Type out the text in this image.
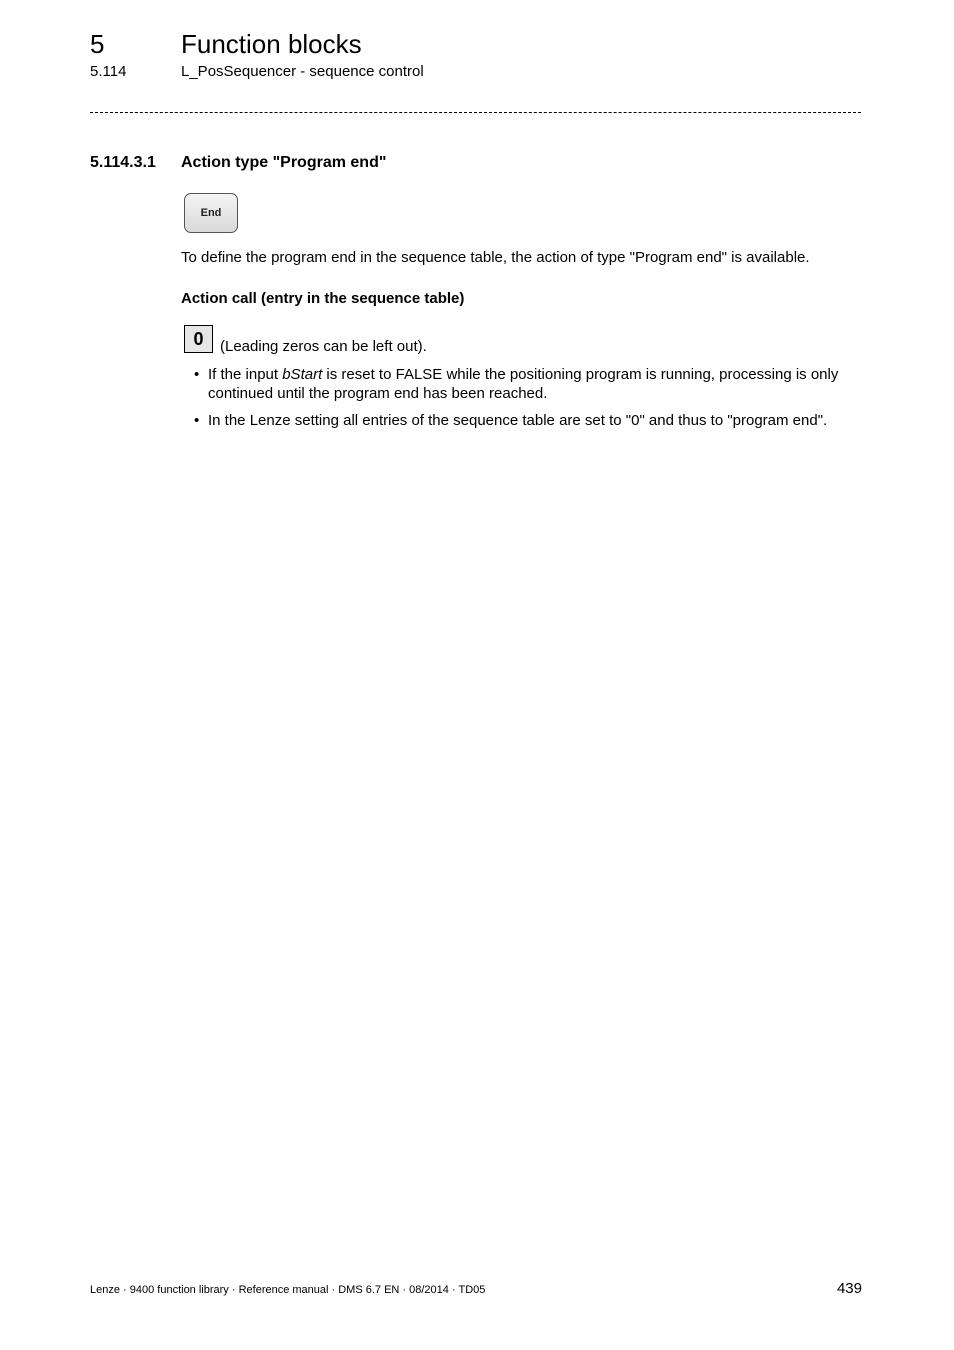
5	Function blocks
5.114	L_PosSequencer - sequence control
5.114.3.1 Action type "Program end"
End
To define the program end in the sequence table, the action of type "Program end" is available.
Action call (entry in the sequence table)
0 (Leading zeros can be left out).
• If the input bStart is reset to FALSE while the positioning program is running, processing is only continued until the program end has been reached.
• In the Lenze setting all entries of the sequence table are set to "0" and thus to "program end".
Lenze · 9400 function library · Reference manual · DMS 6.7 EN · 08/2014 · TD05	439
